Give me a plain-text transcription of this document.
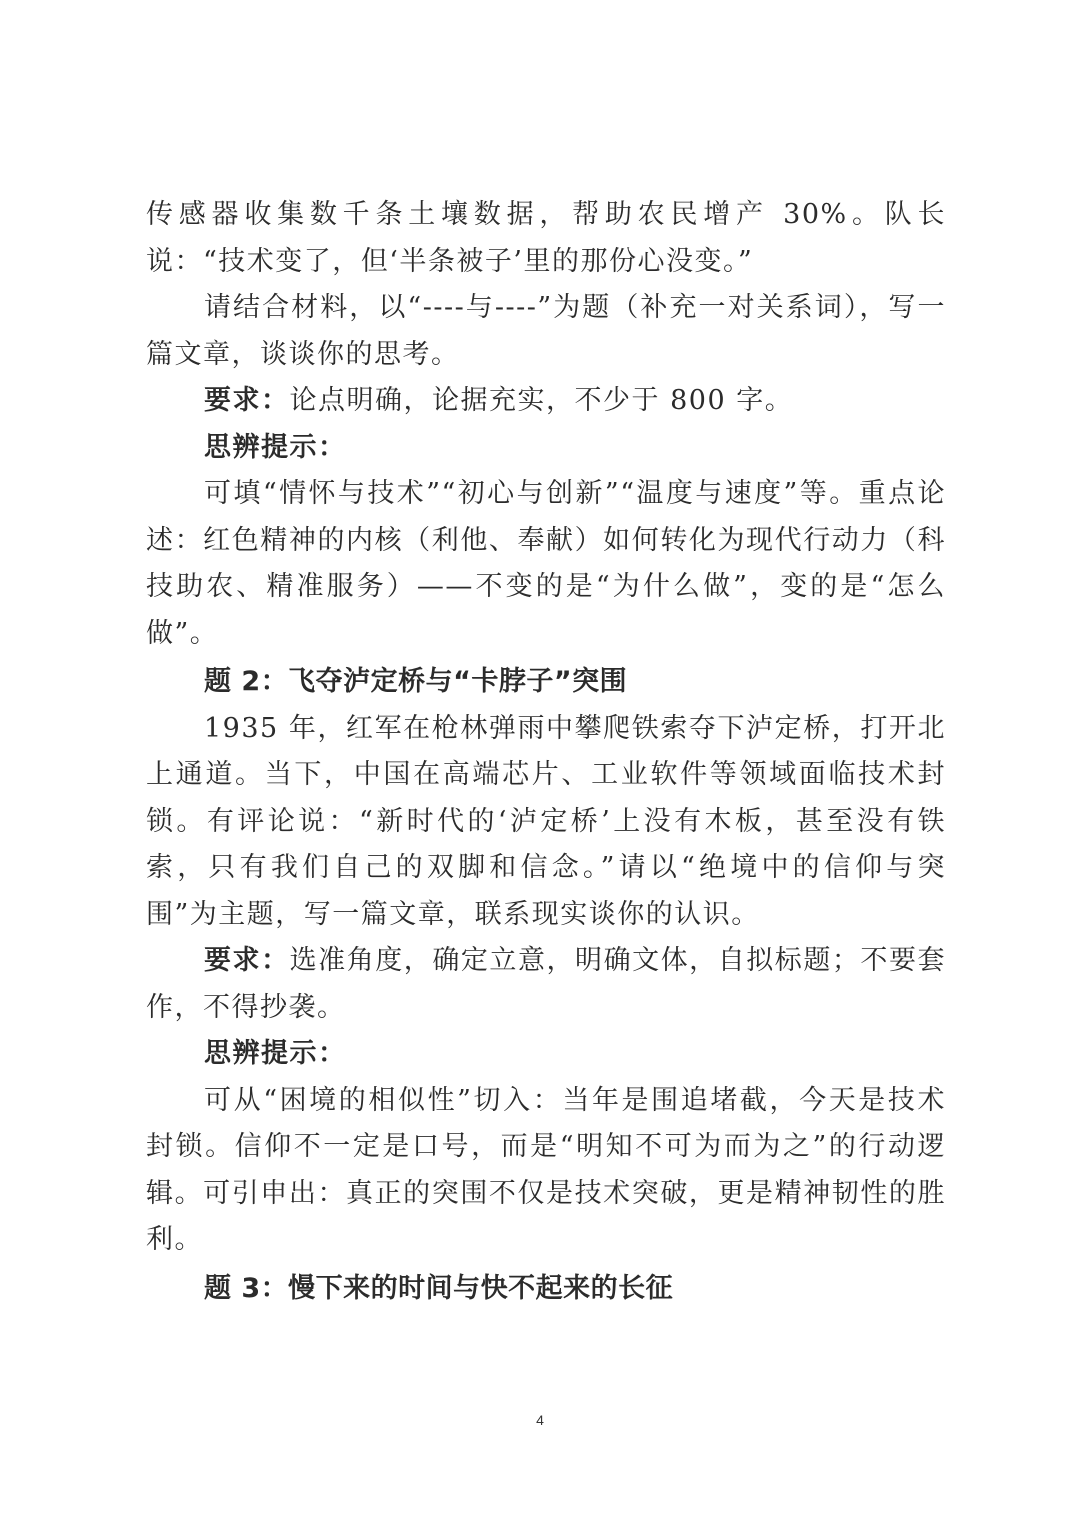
传感器收集数千条土壤数据，帮助农民增产 30%。队长说：“技术变了，但‘半条被子’里的那份心没变。”

请结合材料，以“----与----”为题（补充一对关系词），写一篇文章，谈谈你的思考。

要求：论点明确，论据充实，不少于 800 字。

思辨提示：

可填“情怀与技术”“初心与创新”“温度与速度”等。重点论述：红色精神的内核（利他、奉献）如何转化为现代行动力（科技助农、精准服务）——不变的是“为什么做”，变的是“怎么做”。

题 2：飞夺泸定桥与“卡脖子”突围

1935 年，红军在枪林弹雨中攀爬铁索夺下泸定桥，打开北上通道。当下，中国在高端芯片、工业软件等领域面临技术封锁。有评论说：“新时代的‘泸定桥’上没有木板，甚至没有铁索，只有我们自己的双脚和信念。”请以“绝境中的信仰与突围”为主题，写一篇文章，联系现实谈你的认识。

要求：选准角度，确定立意，明确文体，自拟标题；不要套作，不得抄袭。

思辨提示：

可从“困境的相似性”切入：当年是围追堵截，今天是技术封锁。信仰不一定是口号，而是“明知不可为而为之”的行动逻辑。可引申出：真正的突围不仅是技术突破，更是精神韧性的胜利。

题 3：慢下来的时间与快不起来的长征

4
